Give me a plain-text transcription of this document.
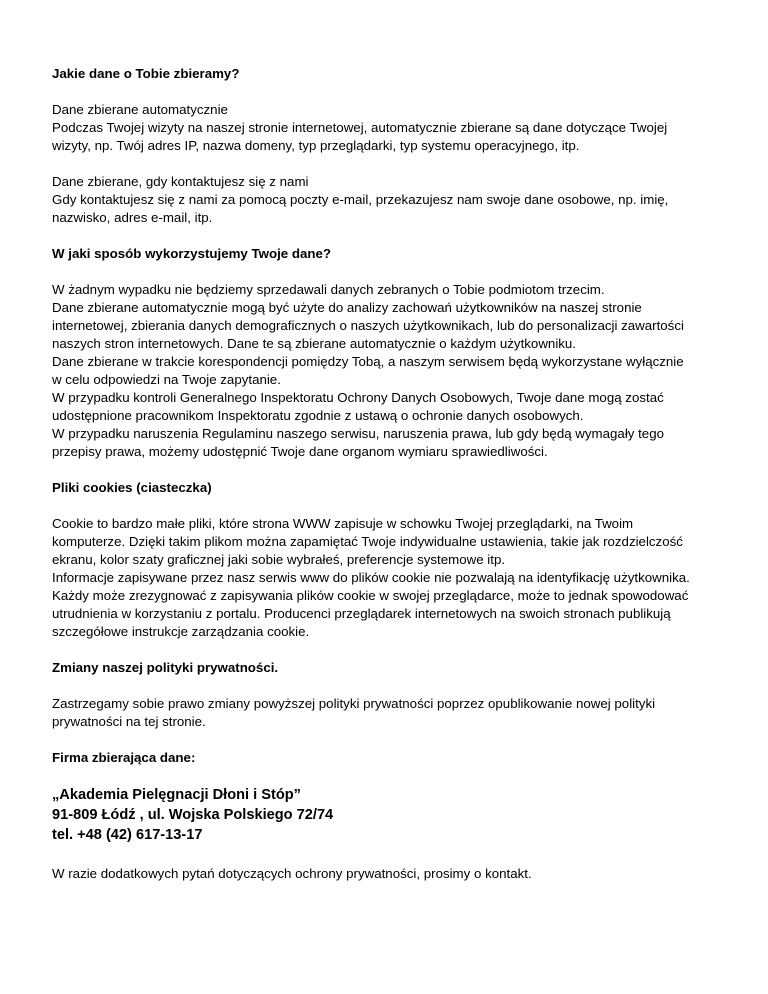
Jakie dane o Tobie zbieramy?

Dane zbierane automatycznie
Podczas Twojej wizyty na naszej stronie internetowej, automatycznie zbierane są dane dotyczące Twojej wizyty, np. Twój adres IP, nazwa domeny, typ przeglądarki, typ systemu operacyjnego, itp.

Dane zbierane, gdy kontaktujesz się z nami
Gdy kontaktujesz się z nami za pomocą poczty e-mail, przekazujesz nam swoje dane osobowe, np. imię, nazwisko, adres e-mail, itp.

W jaki sposób wykorzystujemy Twoje dane?

W żadnym wypadku nie będziemy sprzedawali danych zebranych o Tobie podmiotom trzecim.
Dane zbierane automatycznie mogą być użyte do analizy zachowań użytkowników na naszej stronie internetowej, zbierania danych demograficznych o naszych użytkownikach, lub do personalizacji zawartości naszych stron internetowych. Dane te są zbierane automatycznie o każdym użytkowniku.
Dane zbierane w trakcie korespondencji pomiędzy Tobą, a naszym serwisem będą wykorzystane wyłącznie w celu odpowiedzi na Twoje zapytanie.
W przypadku kontroli Generalnego Inspektoratu Ochrony Danych Osobowych, Twoje dane mogą zostać udostępnione pracownikom Inspektoratu zgodnie z ustawą o ochronie danych osobowych.
W przypadku naruszenia Regulaminu naszego serwisu, naruszenia prawa, lub gdy będą wymagały tego przepisy prawa, możemy udostępnić Twoje dane organom wymiaru sprawiedliwości.

Pliki cookies (ciasteczka)

Cookie to bardzo małe pliki, które strona WWW zapisuje w schowku Twojej przeglądarki, na Twoim komputerze. Dzięki takim plikom można zapamiętać Twoje indywidualne ustawienia, takie jak rozdzielczość ekranu, kolor szaty graficznej jaki sobie wybrałeś, preferencje systemowe itp.
Informacje zapisywane przez nasz serwis www do plików cookie nie pozwalają na identyfikację użytkownika.
Każdy może zrezygnować z zapisywania plików cookie w swojej przeglądarce, może to jednak spowodować utrudnienia w korzystaniu z portalu. Producenci przeglądarek internetowych na swoich stronach publikują szczegółowe instrukcje zarządzania cookie.

Zmiany naszej polityki prywatności.

Zastrzegamy sobie prawo zmiany powyższej polityki prywatności poprzez opublikowanie nowej polityki prywatności na tej stronie.

Firma zbierająca dane:

„Akademia Pielęgnacji Dłoni i Stóp”
91-809 Łódź , ul. Wojska Polskiego 72/74
tel. +48 (42) 617-13-17

W razie dodatkowych pytań dotyczących ochrony prywatności, prosimy o kontakt.
